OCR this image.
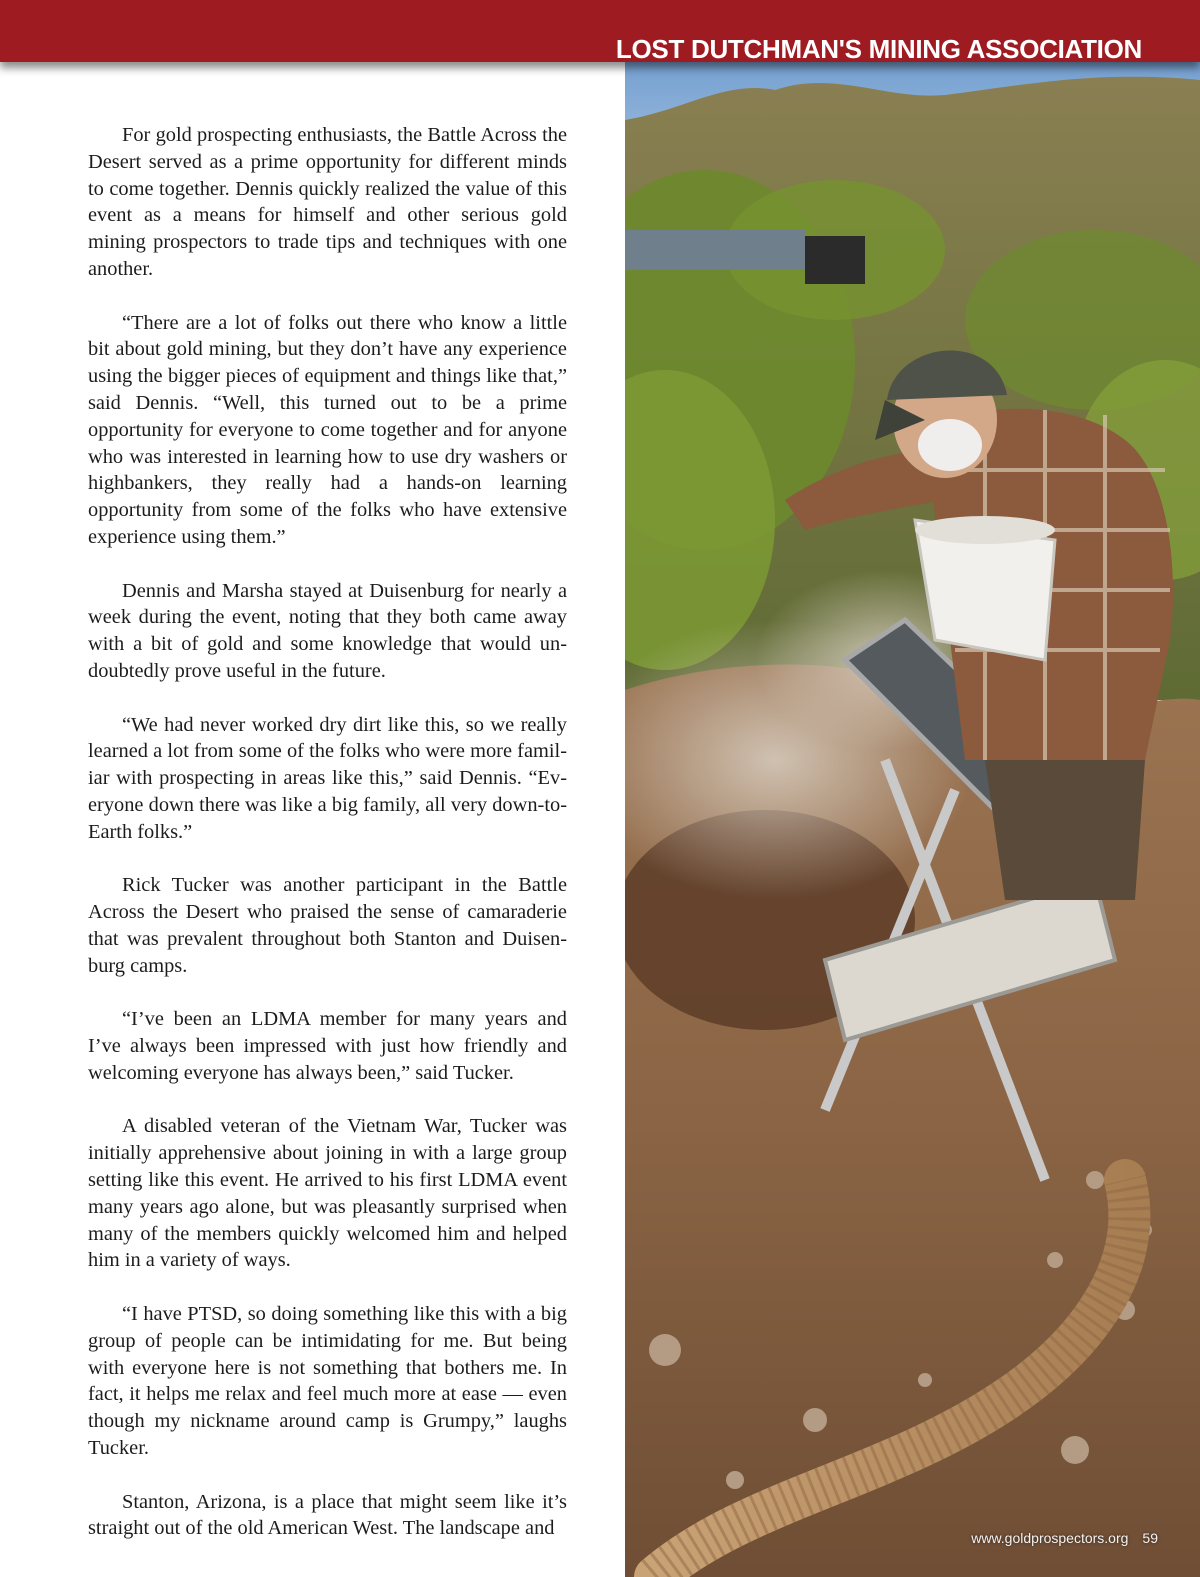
LOST DUTCHMAN'S MINING ASSOCIATION

For gold prospecting enthusiasts, the Battle Across the Desert served as a prime opportunity for different minds to come together. Dennis quickly realized the value of this event as a means for himself and other serious gold mining prospectors to trade tips and techniques with one another.

“There are a lot of folks out there who know a little bit about gold mining, but they don’t have any experience using the bigger pieces of equipment and things like that,” said Dennis. “Well, this turned out to be a prime opportunity for everyone to come together and for anyone who was interested in learning how to use dry washers or highbankers, they really had a hands-on learning opportunity from some of the folks who have extensive experience using them.”

Dennis and Marsha stayed at Duisenburg for nearly a week during the event, noting that they both came away with a bit of gold and some knowledge that would undoubtedly prove useful in the future.

“We had never worked dry dirt like this, so we really learned a lot from some of the folks who were more familiar with prospecting in areas like this,” said Dennis. “Everyone down there was like a big family, all very down-to-Earth folks.”

Rick Tucker was another participant in the Battle Across the Desert who praised the sense of camaraderie that was prevalent throughout both Stanton and Duisenburg camps.

“I’ve been an LDMA member for many years and I’ve always been impressed with just how friendly and welcoming everyone has always been,” said Tucker.

A disabled veteran of the Vietnam War, Tucker was initially apprehensive about joining in with a large group setting like this event. He arrived to his first LDMA event many years ago alone, but was pleasantly surprised when many of the members quickly welcomed him and helped him in a variety of ways.

“I have PTSD, so doing something like this with a big group of people can be intimidating for me. But being with everyone here is not something that bothers me. In fact, it helps me relax and feel much more at ease — even though my nickname around camp is Grumpy,” laughs Tucker.

Stanton, Arizona, is a place that might seem like it’s straight out of the old American West. The landscape and	www.goldprospectors.org 59
